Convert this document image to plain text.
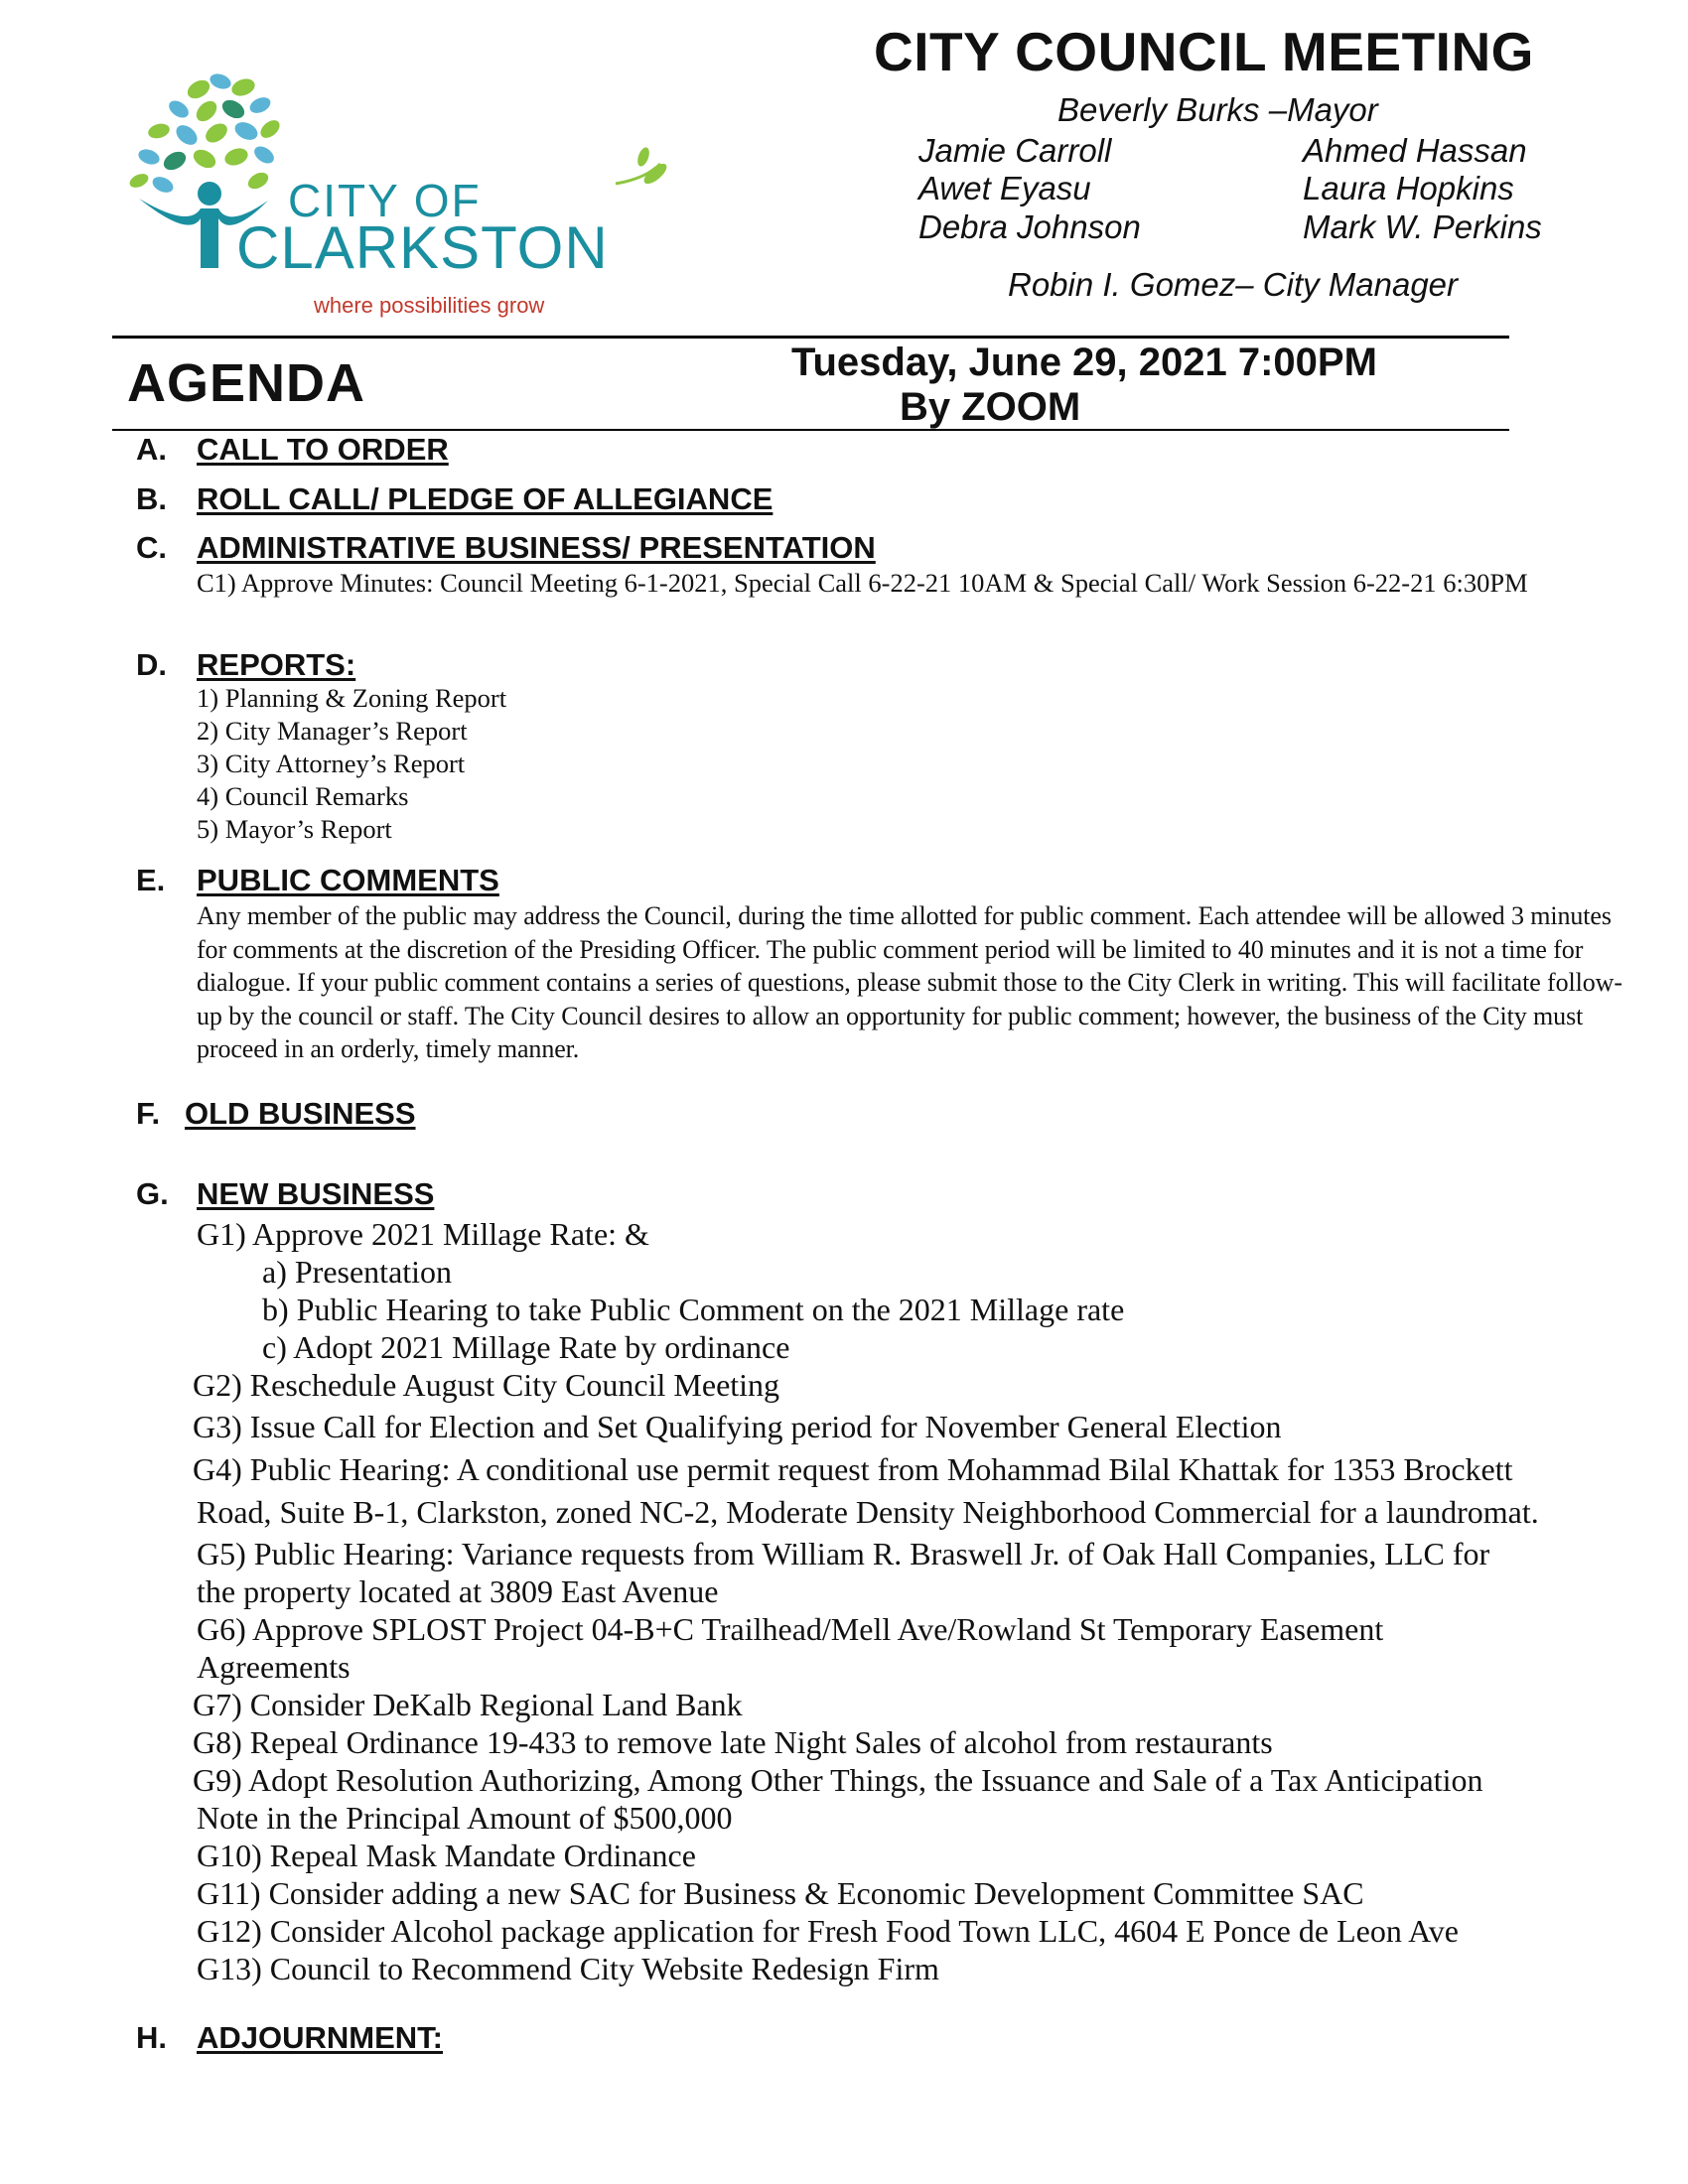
CITY OF
CLARKSTON
where possibilities grow
CITY COUNCIL MEETING
Beverly Burks –Mayor
Jamie Carroll
Awet Eyasu
Debra Johnson
Ahmed Hassan
Laura Hopkins
Mark W. Perkins
Robin I. Gomez– City Manager
AGENDA	Tuesday, June 29, 2021 7:00PM
By ZOOM
A. CALL TO ORDER
B. ROLL CALL/ PLEDGE OF ALLEGIANCE
C. ADMINISTRATIVE BUSINESS/ PRESENTATION
C1) Approve Minutes: Council Meeting 6-1-2021, Special Call 6-22-21 10AM & Special Call/ Work Session 6-22-21 6:30PM
D. REPORTS:
1) Planning & Zoning Report
2) City Manager’s Report
3) City Attorney’s Report
4) Council Remarks
5) Mayor’s Report
E. PUBLIC COMMENTS
Any member of the public may address the Council, during the time allotted for public comment. Each attendee will be allowed 3 minutes for comments at the discretion of the Presiding Officer. The public comment period will be limited to 40 minutes and it is not a time for dialogue. If your public comment contains a series of questions, please submit those to the City Clerk in writing. This will facilitate follow-up by the council or staff. The City Council desires to allow an opportunity for public comment; however, the business of the City must proceed in an orderly, timely manner.
F. OLD BUSINESS
G. NEW BUSINESS
G1) Approve 2021 Millage Rate: &
a) Presentation
b) Public Hearing to take Public Comment on the 2021 Millage rate
c) Adopt 2021 Millage Rate by ordinance
G2) Reschedule August City Council Meeting
G3) Issue Call for Election and Set Qualifying period for November General Election
G4) Public Hearing: A conditional use permit request from Mohammad Bilal Khattak for 1353 Brockett
Road, Suite B-1, Clarkston, zoned NC-2, Moderate Density Neighborhood Commercial for a laundromat.
G5) Public Hearing: Variance requests from William R. Braswell Jr. of Oak Hall Companies, LLC for
the property located at 3809 East Avenue
G6) Approve SPLOST Project 04-B+C Trailhead/Mell Ave/Rowland St Temporary Easement
Agreements
G7) Consider DeKalb Regional Land Bank
G8) Repeal Ordinance 19-433 to remove late Night Sales of alcohol from restaurants
G9) Adopt Resolution Authorizing, Among Other Things, the Issuance and Sale of a Tax Anticipation
Note in the Principal Amount of $500,000
G10) Repeal Mask Mandate Ordinance
G11) Consider adding a new SAC for Business & Economic Development Committee SAC
G12) Consider Alcohol package application for Fresh Food Town LLC, 4604 E Ponce de Leon Ave
G13) Council to Recommend City Website Redesign Firm
H. ADJOURNMENT:
